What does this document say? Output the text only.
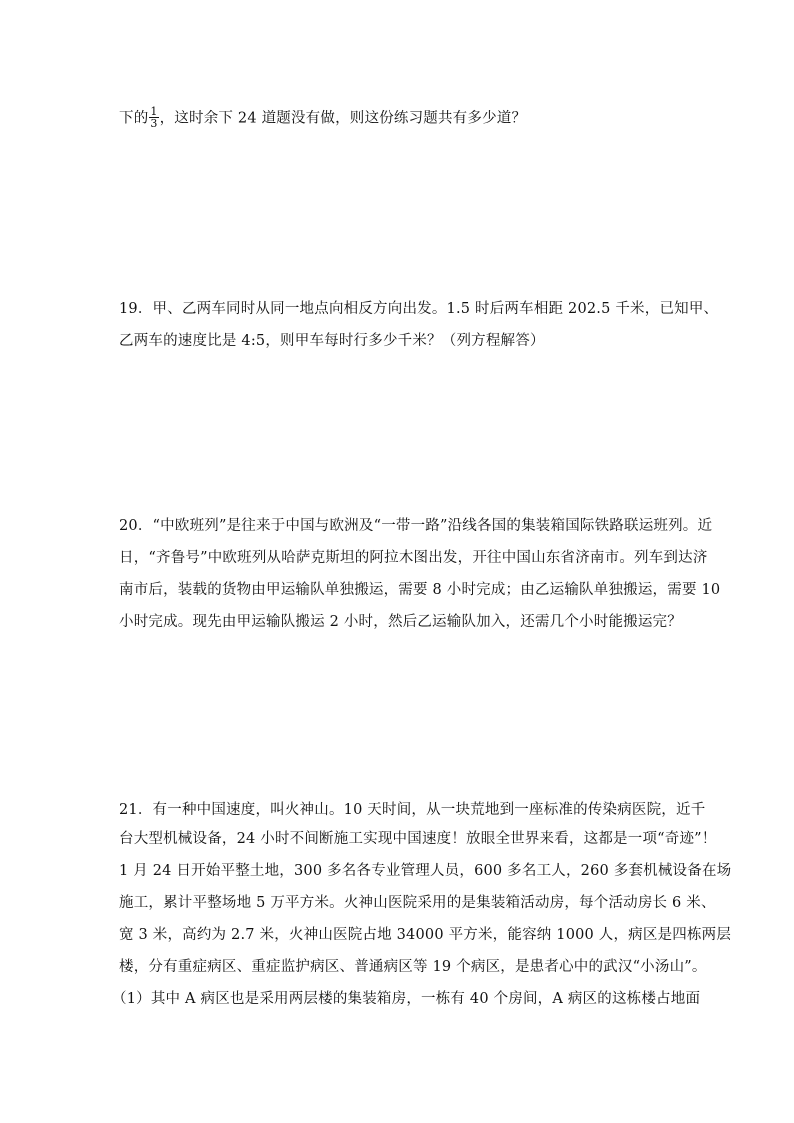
下的 $\frac{1}{3}$ ，这时余下 24 道题没有做，则这份练习题共有多少道？
19．甲、乙两车同时从同一地点向相反方向出发。1.5 时后两车相距 202.5 千米，已知甲、
乙两车的速度比是 4:5，则甲车每时行多少千米？（列方程解答）
20．“中欧班列”是往来于中国与欧洲及“一带一路”沿线各国的集装箱国际铁路联运班列。近
日，“齐鲁号”中欧班列从哈萨克斯坦的阿拉木图出发，开往中国山东省济南市。列车到达济
南市后，装载的货物由甲运输队单独搬运，需要 8 小时完成；由乙运输队单独搬运，需要 10
小时完成。现先由甲运输队搬运 2 小时，然后乙运输队加入，还需几个小时能搬运完？
21．有一种中国速度，叫火神山。10 天时间，从一块荒地到一座标准的传染病医院，近千
台大型机械设备，24 小时不间断施工实现中国速度！放眼全世界来看，这都是一项“奇迹”！
1 月 24 日开始平整土地，300 多名各专业管理人员，600 多名工人，260 多套机械设备在场
施工，累计平整场地 5 万平方米。火神山医院采用的是集装箱活动房，每个活动房长 6 米、
宽 3 米，高约为 2.7 米，火神山医院占地 34000 平方米，能容纳 1000 人，病区是四栋两层
楼，分有重症病区、重症监护病区、普通病区等 19 个病区，是患者心中的武汉“小汤山”。
（1）其中 A 病区也是采用两层楼的集装箱房，一栋有 40 个房间，A 病区的这栋楼占地面
